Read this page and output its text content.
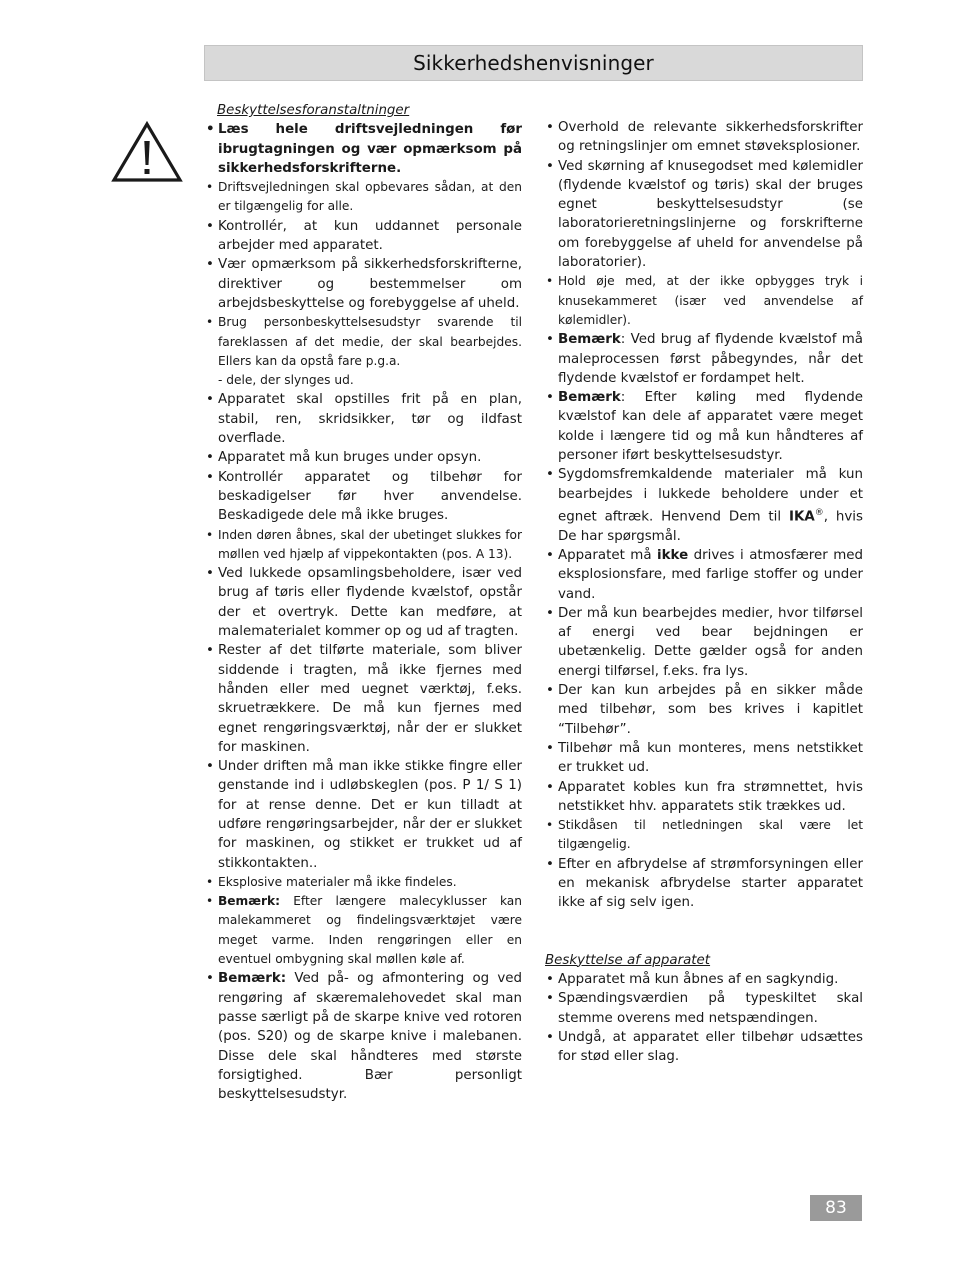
Sikkerhedshenvisninger

Beskyttelsesforanstaltninger

• Læs hele driftsvejledningen før ibrugtagningen og vær opmærksom på sikkerhedsforskrifterne.
• Driftsvejledningen skal opbevares sådan, at den er tilgængelig for alle.
• Kontrollér, at kun uddannet personale arbejder med apparatet.
• Vær opmærksom på sikkerhedsforskrifterne, direktiver og bestemmelser om arbejdsbeskyttelse og forebyggelse af uheld.
• Brug personbeskyttelsesudstyr svarende til fareklassen af det medie, der skal bearbejdes. Ellers kan da opstå fare p.g.a.
- dele, der slynges ud.
• Apparatet skal opstilles frit på en plan, stabil, ren, skridsikker, tør og ildfast overflade.
• Apparatet må kun bruges under opsyn.
• Kontrollér apparatet og tilbehør for beskadigelser før hver anvendelse. Beskadigede dele må ikke bruges.
• Inden døren åbnes, skal der ubetinget slukkes for møllen ved hjælp af vippekontakten (pos. A 13).
• Ved lukkede opsamlingsbeholdere, især ved brug af tøris eller flydende kvælstof, opstår der et overtryk. Dette kan medføre, at malematerialet kommer op og ud af tragten.
• Rester af det tilførte materiale, som bliver siddende i tragten, må ikke fjernes med hånden eller med uegnet værktøj, f.eks. skruetrækkere. De må kun fjernes med egnet rengøringsværktøj, når der er slukket for maskinen.
• Under driften må man ikke stikke fingre eller genstande ind i udløbskeglen (pos. P 1/ S 1) for at rense denne. Det er kun tilladt at udføre rengøringsarbejder, når der er slukket for maskinen, og stikket er trukket ud af stikkontakten..
• Eksplosive materialer må ikke findeles.
• Bemærk: Efter længere malecyklusser kan malekammeret og findelingsværktøjet være meget varme. Inden rengøringen eller en eventuel ombygning skal møllen køle af.
• Bemærk: Ved på- og afmontering og ved rengøring af skæremalehovedet skal man passe særligt på de skarpe knive ved rotoren (pos. S20) og de skarpe knive i malebanen. Disse dele skal håndteres med største forsigtighed. Bær personligt beskyttelsesudstyr.
• Overhold de relevante sikkerhedsforskrifter og retningslinjer om emnet støveksplosioner.
• Ved skørning af knusegodset med kølemidler (flydende kvælstof og tøris) skal der bruges egnet beskyttelsesudstyr (se laboratorieretningslinjerne og forskrifterne om forebyggelse af uheld for anvendelse på laboratorier).
• Hold øje med, at der ikke opbygges tryk i knusekammeret (især ved anvendelse af kølemidler).
• Bemærk: Ved brug af flydende kvælstof må maleprocessen først påbegyndes, når det flydende kvælstof er fordampet helt.
• Bemærk: Efter køling med flydende kvælstof kan dele af apparatet være meget kolde i længere tid og må kun håndteres af personer iført beskyttelsesudstyr.
• Sygdomsfremkaldende materialer må kun bearbejdes i lukkede beholdere under et egnet aftræk. Henvend Dem til IKA®, hvis De har spørgsmål.
• Apparatet må ikke drives i atmosfærer med eksplosionsfare, med farlige stoffer og under vand.
• Der må kun bearbejdes medier, hvor tilførsel af energi ved bear bejdningen er ubetænkelig. Dette gælder også for anden energi tilførsel, f.eks. fra lys.
• Der kan kun arbejdes på en sikker måde med tilbehør, som bes krives i kapitlet “Tilbehør”.
• Tilbehør må kun monteres, mens netstikket er trukket ud.
• Apparatet kobles kun fra strømnettet, hvis netstikket hhv. apparatets stik trækkes ud.
• Stikdåsen til netledningen skal være let tilgængelig.
• Efter en afbrydelse af strømforsyningen eller en mekanisk afbrydelse starter apparatet ikke af sig selv igen.

Beskyttelse af apparatet

• Apparatet må kun åbnes af en sagkyndig.
• Spændingsværdien på typeskiltet skal stemme overens med netspændingen.
• Undgå, at apparatet eller tilbehør udsættes for stød eller slag.
83
